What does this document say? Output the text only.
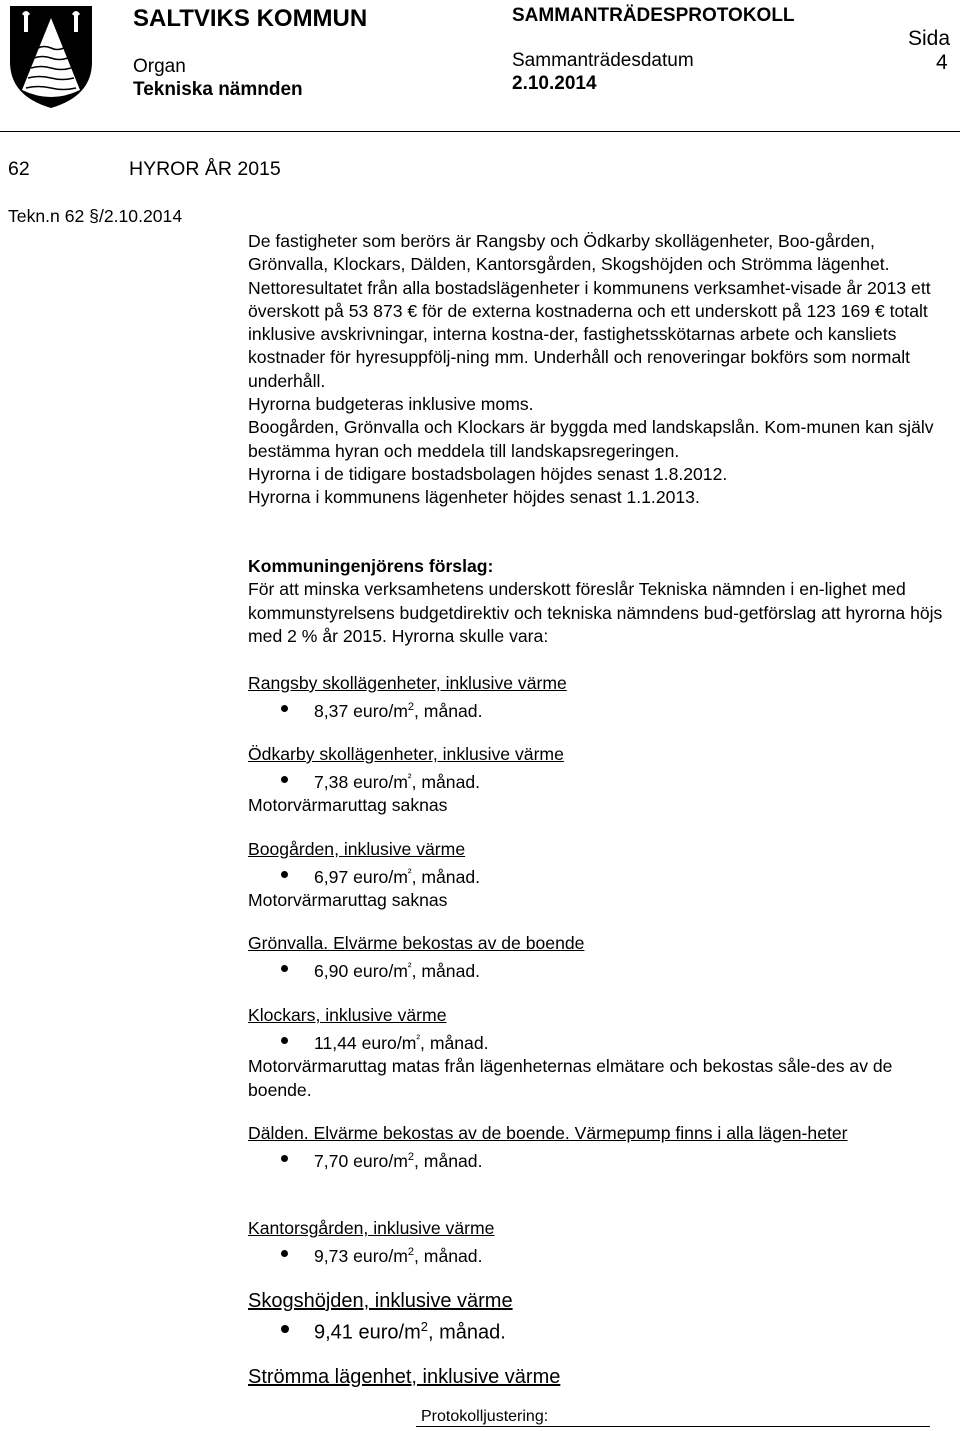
SALTVIKS KOMMUN
Organ
Tekniska nämnden
SAMMANTRÄDESPROTOKOLL
Sammanträdesdatum
2.10.2014
Sida
4
62	HYROR ÅR 2015
Tekn.n 62 §/2.10.2014

De fastigheter som berörs är Rangsby och Ödkarby skollägenheter, Boo-gården, Grönvalla, Klockars, Dälden, Kantorsgården, Skogshöjden och Strömma lägenhet.

Nettoresultatet från alla bostadslägenheter i kommunens verksamhet-visade år 2013 ett överskott på 53 873 € för de externa kostnaderna och ett underskott på 123 169 € totalt inklusive avskrivningar, interna kostna-der, fastighetsskötarnas arbete och kansliets kostnader för hyresuppfölj-ning mm. Underhåll och renoveringar bokförs som normalt underhåll.

Hyrorna budgeteras inklusive moms.

Boogården, Grönvalla och Klockars är byggda med landskapslån. Kom-munen kan själv bestämma hyran och meddela till landskapsregeringen.

Hyrorna i de tidigare bostadsbolagen höjdes senast 1.8.2012.

Hyrorna i kommunens lägenheter höjdes senast 1.1.2013.

Kommuningenjörens förslag:

För att minska verksamhetens underskott föreslår Tekniska nämnden i en-lighet med kommunstyrelsens budgetdirektiv och tekniska nämndens bud-getförslag att hyrorna höjs med 2 % år 2015. Hyrorna skulle vara:

Rangsby skollägenheter, inklusive värme
8,37 euro/$m^2$, månad.
Ödkarby skollägenheter, inklusive värme
7,38 euro/$m^{^2}$, månad.
Motorvärmaruttag saknas
Boogården, inklusive värme
6,97 euro/$m^{^2}$, månad.
Motorvärmaruttag saknas
Grönvalla. Elvärme bekostas av de boende
6,90 euro/$m^{^2}$, månad.
Klockars, inklusive värme
11,44 euro/$m^{^2}$, månad.
Motorvärmaruttag matas från lägenheternas elmätare och bekostas såle-des av de boende.
Dälden. Elvärme bekostas av de boende. Värmepump finns i alla lägen-heter
7,70 euro/$m^2$, månad.
Kantorsgården, inklusive värme
9,73 euro/$m^2$, månad.
Skogshöjden, inklusive värme
9,41 euro/$m^2$, månad.
Strömma lägenhet, inklusive värme
Protokolljustering:
